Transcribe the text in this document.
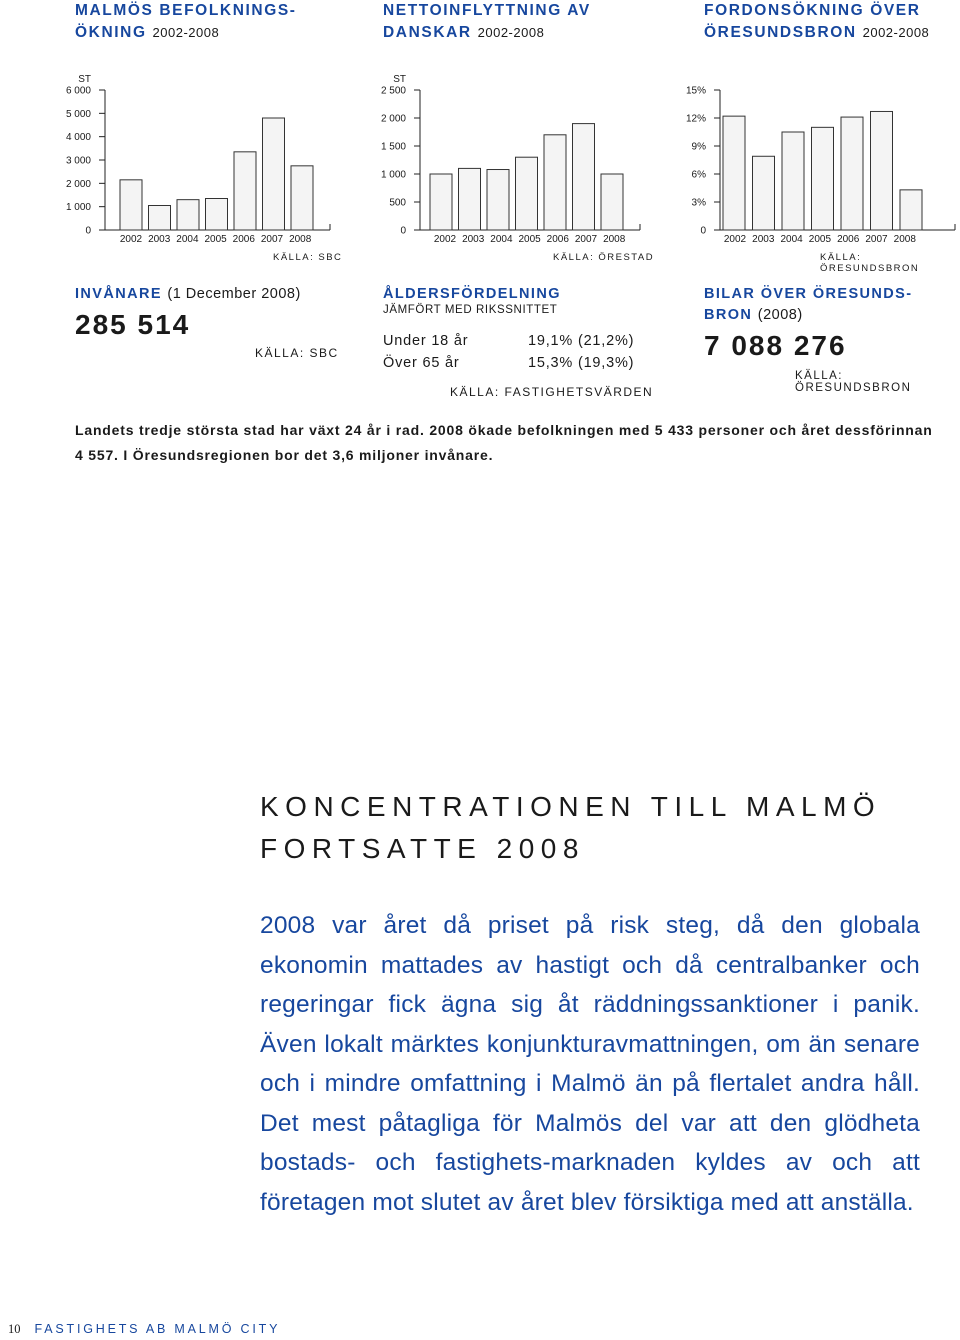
MALMÖS BEFOLKNINGS-
ÖKNING 2002-2008
ST
0
1 000
2 000
3 000
4 000
5 000
6 000
2002 2003 2004 2005 2006 2007 2008
KÄLLA: SBC
NETTOINFLYTTNING AV
DANSKAR 2002-2008
ST
0
500
1 000
1 500
2 000
2 500
2002 2003 2004 2005 2006 2007 2008
KÄLLA: ÖRESTAD
FORDONSÖKNING ÖVER
ÖRESUNDSBRON 2002-2008
0
3%
6%
9%
12%
15%
2002 2003 2004 2005 2006 2007 2008
KÄLLA: ÖRESUNDSBRON
INVÅNARE (1 December 2008)
285 514
KÄLLA: SBC
ÅLDERSFÖRDELNING
JÄMFÖRT MED RIKSSNITTET
Under 18 år	19,1% (21,2%)
Över 65 år	15,3% (19,3%)
KÄLLA: FASTIGHETSVÄRDEN
BILAR ÖVER ÖRESUNDS-
BRON (2008)
7 088 276
KÄLLA: ÖRESUNDSBRON
Landets tredje största stad har växt 24 år i rad. 2008 ökade befolkningen med 5 433 personer och året dessförinnan 4 557. I Öresundsregionen bor det 3,6 miljoner invånare.
KONCENTRATIONEN TILL MALMÖ
FORTSATTE 2008
2008 var året då priset på risk steg, då den globala ekonomin mattades av hastigt och då centralbanker och regeringar fick ägna sig åt räddningssanktioner i panik. Även lokalt märktes konjunkturavmattningen, om än senare och i mindre omfattning i Malmö än på flertalet andra håll. Det mest påtagliga för Malmös del var att den glödheta bostads- och fastighets-marknaden kyldes av och att företagen mot slutet av året blev försiktiga med att anställa.
10 FASTIGHETS AB MALMÖ CITY
